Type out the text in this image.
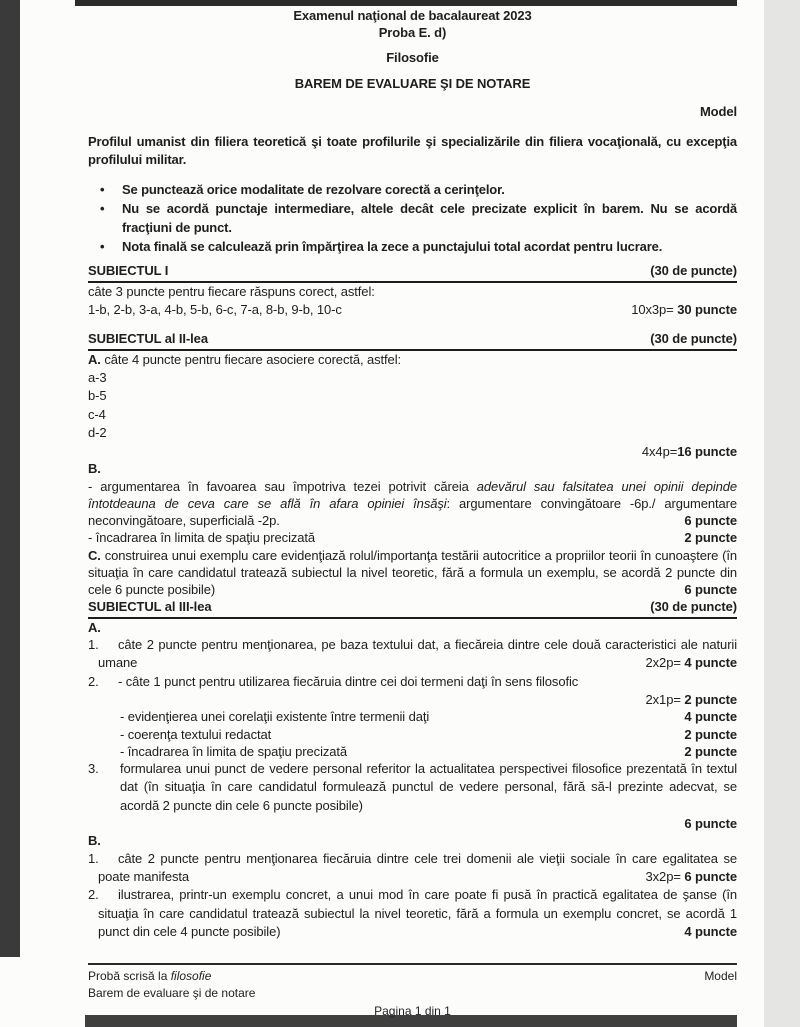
Examenul naţional de bacalaureat 2023
Proba E. d)
Filosofie
BAREM DE EVALUARE ŞI DE NOTARE
Model

Profilul umanist din filiera teoretică şi toate profilurile şi specializările din filiera vocaţională, cu excepţia profilului militar.

• Se punctează orice modalitate de rezolvare corectă a cerinţelor.
• Nu se acordă punctaje intermediare, altele decât cele precizate explicit în barem. Nu se acordă fracţiuni de punct.
• Nota finală se calculează prin împărţirea la zece a punctajului total acordat pentru lucrare.
SUBIECTUL I	(30 de puncte)

câte 3 puncte pentru fiecare răspuns corect, astfel:

1-b, 2-b, 3-a, 4-b, 5-b, 6-c, 7-a, 8-b, 9-b, 10-c	10x3p= 30 puncte
SUBIECTUL al II-lea	(30 de puncte)

A. câte 4 puncte pentru fiecare asociere corectă, astfel:

a-3
b-5
c-4
d-2
4x4p=16 puncte

B.

- argumentarea în favoarea sau împotriva tezei potrivit căreia adevărul sau falsitatea unei opinii depinde întotdeauna de ceva care se află în afara opiniei însăşi: argumentare convingătoare -6p./ argumentare neconvingătoare, superficială -2p.	6 puncte

- încadrarea în limita de spaţiu precizată	2 puncte

C. construirea unui exemplu care evidenţiază rolul/importanţa testării autocritice a propriilor teorii în cunoaştere (în situaţia în care candidatul tratează subiectul la nivel teoretic, fără a formula un exemplu, se acordă 2 puncte din cele 6 puncte posibile)	6 puncte

SUBIECTUL al III-lea	(30 de puncte)

A.

1. câte 2 puncte pentru menţionarea, pe baza textului dat, a fiecăreia dintre cele două caracteristici ale naturii umane	2x2p= 4 puncte

2. - câte 1 punct pentru utilizarea fiecăruia dintre cei doi termeni daţi în sens filosofic

2x1p= 2 puncte
- evidenţierea unei corelaţii existente între termenii daţi	4 puncte
- coerenţa textului redactat	2 puncte
- încadrarea în limita de spaţiu precizată	2 puncte

3. formularea unui punct de vedere personal referitor la actualitatea perspectivei filosofice prezentată în textul dat (în situaţia în care candidatul formulează punctul de vedere personal, fără să-l prezinte adecvat, se acordă 2 puncte din cele 6 puncte posibile)

6 puncte

B.

1. câte 2 puncte pentru menţionarea fiecăruia dintre cele trei domenii ale vieţii sociale în care egalitatea se poate manifesta	3x2p= 6 puncte

2. ilustrarea, printr-un exemplu concret, a unui mod în care poate fi pusă în practică egalitatea de şanse (în situaţia în care candidatul tratează subiectul la nivel teoretic, fără a formula un exemplu concret, se acordă 1 punct din cele 4 puncte posibile)	4 puncte

Probă scrisă la filosofie	Model
Barem de evaluare şi de notare
Pagina 1 din 1
